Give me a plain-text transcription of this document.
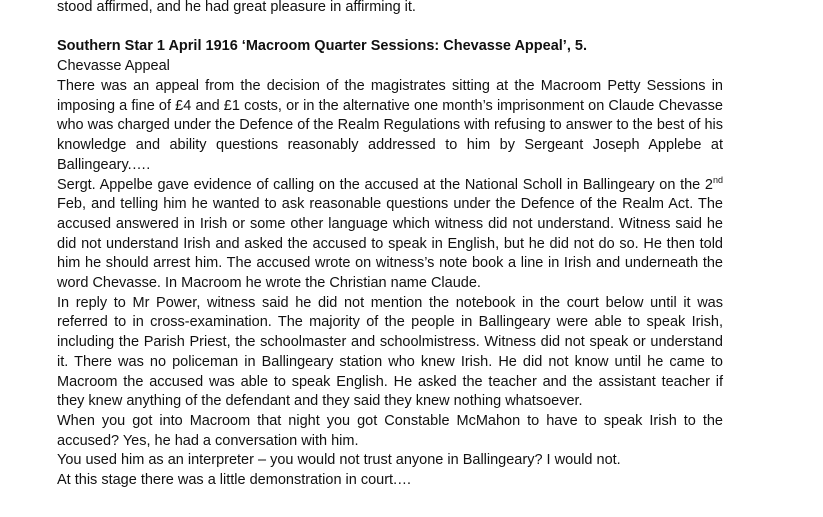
stood affirmed, and he had great pleasure in affirming it.
Southern Star 1 April 1916 ‘Macroom Quarter Sessions: Chevasse Appeal’, 5.
Chevasse Appeal

There was an appeal from the decision of the magistrates sitting at the Macroom Petty Sessions in imposing a fine of £4 and £1 costs, or in the alternative one month’s imprisonment on Claude Chevasse who was charged under the Defence of the Realm Regulations with refusing to answer to the best of his knowledge and ability questions reasonably addressed to him by Sergeant Joseph Applebe at Ballingeary.….

Sergt. Appelbe gave evidence of calling on the accused at the National Scholl in Ballingeary on the 2nd Feb, and telling him he wanted to ask reasonable questions under the Defence of the Realm Act. The accused answered in Irish or some other language which witness did not understand. Witness said he did not understand Irish and asked the accused to speak in English, but he did not do so. He then told him he should arrest him. The accused wrote on witness’s note book a line in Irish and underneath the word Chevasse. In Macroom he wrote the Christian name Claude.

In reply to Mr Power, witness said he did not mention the notebook in the court below until it was referred to in cross-examination. The majority of the people in Ballingeary were able to speak Irish, including the Parish Priest, the schoolmaster and schoolmistress. Witness did not speak or understand it. There was no policeman in Ballingeary station who knew Irish. He did not know until he came to Macroom the accused was able to speak English. He asked the teacher and the assistant teacher if they knew anything of the defendant and they said they knew nothing whatsoever.

When you got into Macroom that night you got Constable McMahon to have to speak Irish to the accused? Yes, he had a conversation with him.

You used him as an interpreter – you would not trust anyone in Ballingeary? I would not.

At this stage there was a little demonstration in court.…
